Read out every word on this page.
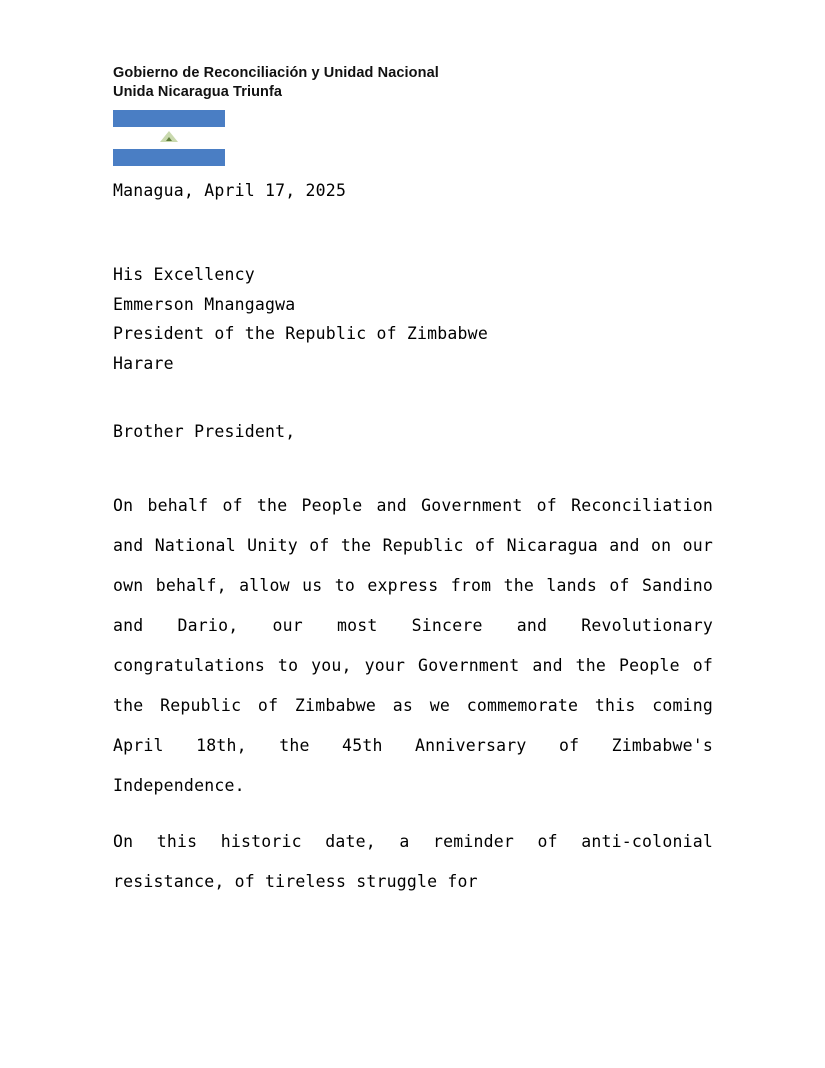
Gobierno de Reconciliación y Unidad Nacional
Unida Nicaragua Triunfa
Managua, April 17, 2025
His Excellency
Emmerson Mnangagwa
President of the Republic of Zimbabwe
Harare
Brother President,
On behalf of the People and Government of Reconciliation and National Unity of the Republic of Nicaragua and on our own behalf, allow us to express from the lands of Sandino and Dario, our most Sincere and Revolutionary congratulations to you, your Government and the People of the Republic of Zimbabwe as we commemorate this coming April 18th, the 45th Anniversary of Zimbabwe's Independence.
On this historic date, a reminder of anti-colonial resistance, of tireless struggle for
